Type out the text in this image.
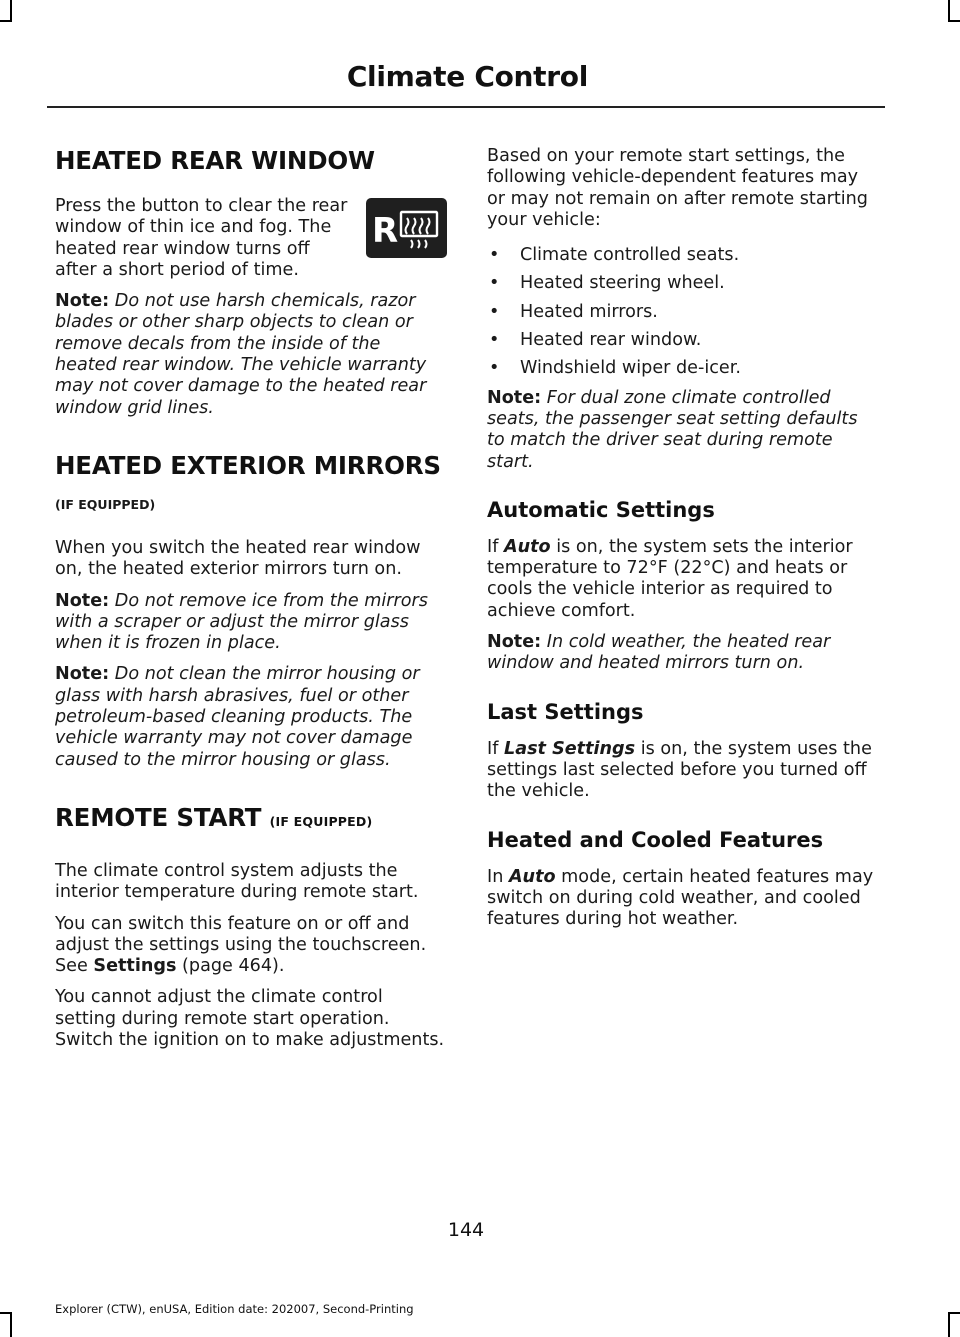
Climate Control
HEATED REAR WINDOW
R

Press the button to clear the rear window of thin ice and fog. The heated rear window turns off after a short period of time.

Note: Do not use harsh chemicals, razor blades or other sharp objects to clean or remove decals from the inside of the heated rear window. The vehicle warranty may not cover damage to the heated rear window grid lines.

HEATED EXTERIOR MIRRORS
(IF EQUIPPED)

When you switch the heated rear window on, the heated exterior mirrors turn on.

Note: Do not remove ice from the mirrors with a scraper or adjust the mirror glass when it is frozen in place.

Note: Do not clean the mirror housing or glass with harsh abrasives, fuel or other petroleum-based cleaning products. The vehicle warranty may not cover damage caused to the mirror housing or glass.

REMOTE START (IF EQUIPPED)

The climate control system adjusts the interior temperature during remote start.

You can switch this feature on or off and adjust the settings using the touchscreen. See Settings (page 464).

You cannot adjust the climate control setting during remote start operation. Switch the ignition on to make adjustments.

Based on your remote start settings, the following vehicle-dependent features may or may not remain on after remote starting your vehicle:

• Climate controlled seats.
• Heated steering wheel.
• Heated mirrors.
• Heated rear window.
• Windshield wiper de-icer.

Note: For dual zone climate controlled seats, the passenger seat setting defaults to match the driver seat during remote start.

Automatic Settings

If Auto is on, the system sets the interior temperature to 72°F (22°C) and heats or cools the vehicle interior as required to achieve comfort.

Note: In cold weather, the heated rear window and heated mirrors turn on.

Last Settings

If Last Settings is on, the system uses the settings last selected before you turned off the vehicle.

Heated and Cooled Features

In Auto mode, certain heated features may switch on during cold weather, and cooled features during hot weather.

144
Explorer (CTW), enUSA, Edition date: 202007, Second-Printing
